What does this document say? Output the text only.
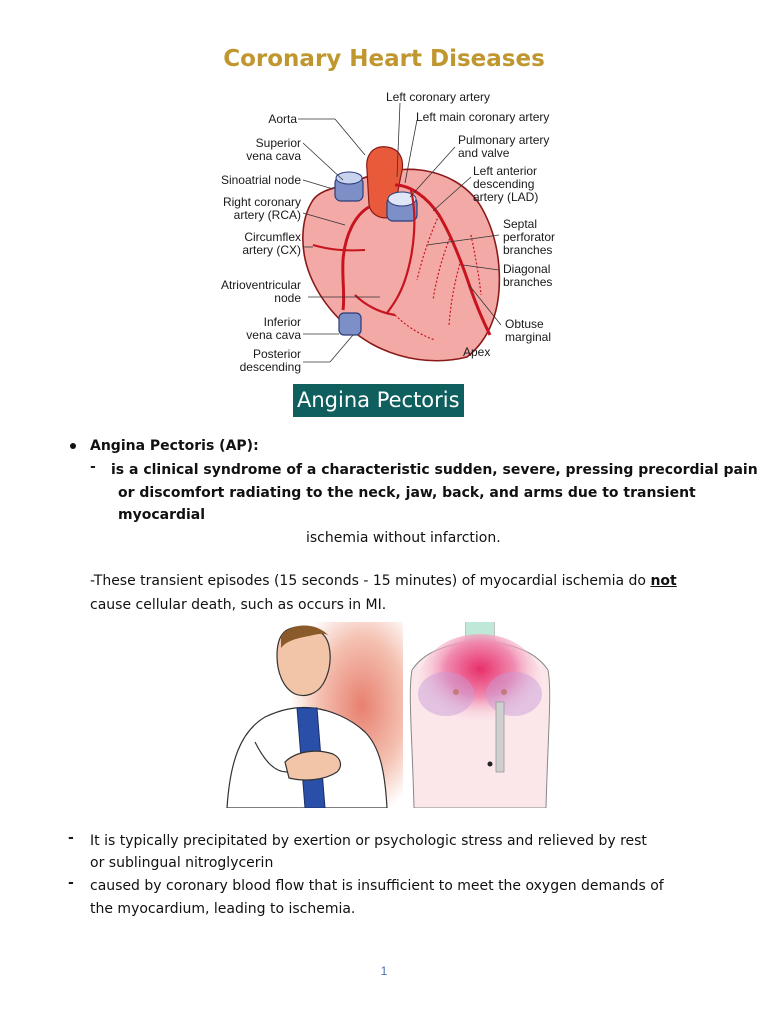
Coronary Heart Diseases
Left coronary artery
Left main coronary artery
Aorta
Superior
vena cava
Pulmonary artery
and valve
Sinoatrial node
Left anterior
descending
artery (LAD)
Right coronary
artery (RCA)
Septal
perforator
branches
Circumflex
artery (CX)
Diagonal
branches
Atrioventricular
node
Inferior
vena cava
Obtuse
marginal
Apex
Posterior
descending
Angina Pectoris
Angina Pectoris (AP):
- is a clinical syndrome of a characteristic sudden, severe, pressing precordial pain
or discomfort radiating to the neck, jaw, back, and arms due to transient
myocardial
ischemia without infarction.
-These transient episodes (15 seconds - 15 minutes) of myocardial ischemia do not
cause cellular death, such as occurs in MI.
- It is typically precipitated by exertion or psychologic stress and relieved by rest
or sublingual nitroglycerin
- caused by coronary blood flow that is insufficient to meet the oxygen demands of
the myocardium, leading to ischemia.
1
